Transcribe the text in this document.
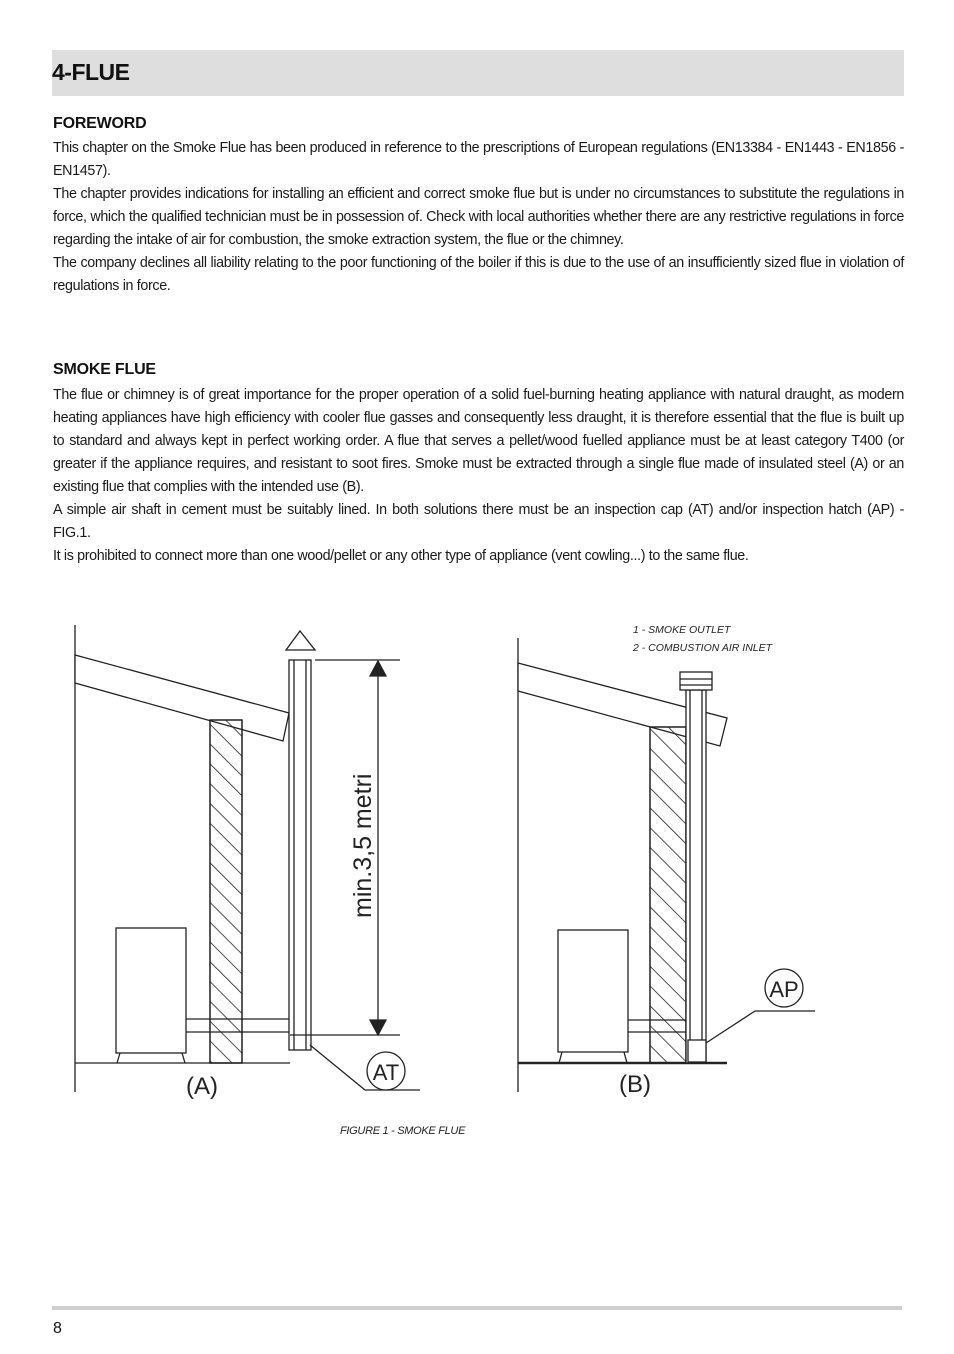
4-FLUE
FOREWORD

This chapter on the Smoke Flue has been produced in reference to the prescriptions of European regulations (EN13384 - EN1443 - EN1856 - EN1457).

The chapter provides indications for installing an efficient and correct smoke flue but is under no circumstances to substitute the regulations in force, which the qualified technician must be in possession of. Check with local authorities whether there are any restrictive regulations in force regarding the intake of air for combustion, the smoke extraction system, the flue or the chimney.

The company declines all liability relating to the poor functioning of the boiler if this is due to the use of an insufficiently sized flue in violation of regulations in force.

SMOKE FLUE

The flue or chimney is of great importance for the proper operation of a solid fuel-burning heating appliance with natural draught, as modern heating appliances have high efficiency with cooler flue gasses and consequently less draught, it is therefore essential that the flue is built up to standard and always kept in perfect working order. A flue that serves a pellet/wood fuelled appliance must be at least category T400 (or greater if the appliance requires, and resistant to soot fires. Smoke must be extracted through a single flue made of insulated steel (A) or an existing flue that complies with the intended use (B).

A simple air shaft in cement must be suitably lined. In both solutions there must be an inspection cap (AT) and/or inspection hatch (AP) - FIG.1.

It is prohibited to connect more than one wood/pellet or any other type of appliance (vent cowling...) to the same flue.

min.3,5 metri
(A)	(B)
AT
AP
1 - SMOKE OUTLET
2 - COMBUSTION AIR INLET
FIGURE 1 - SMOKE FLUE
8
